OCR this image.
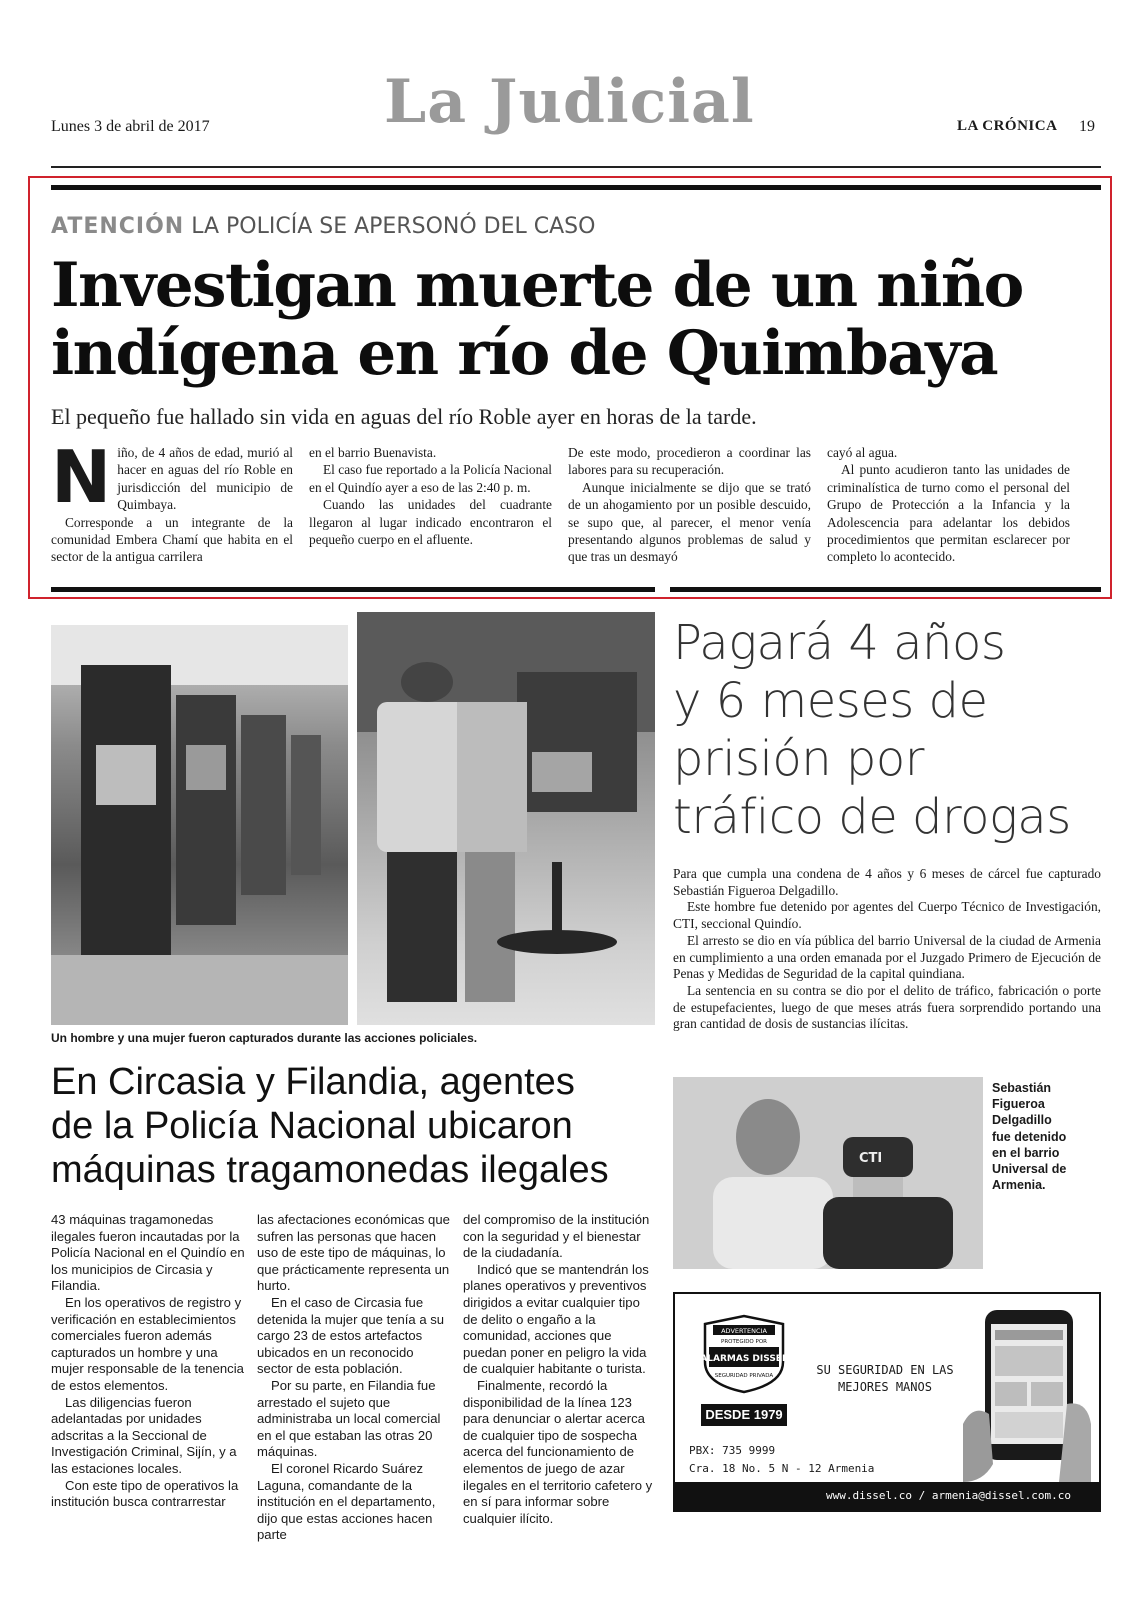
Lunes 3 de abril de 2017	La Judicial	LA CRÓNICA 19
ATENCIÓN LA POLICÍA SE APERSONÓ DEL CASO
Investigan muerte de un niño
indígena en río de Quimbaya
El pequeño fue hallado sin vida en aguas del río Roble ayer en horas de la tarde.
N iño, de 4 años de edad, murió al hacer en aguas del río Roble en jurisdicción del municipio de Quimbaya.

Corresponde a un integrante de la comunidad Embera Chamí que habita en el sector de la antigua carrilera

en el barrio Buenavista.

El caso fue reportado a la Policía Nacional en el Quindío ayer a eso de las 2:40 p. m.

Cuando las unidades del cuadrante llegaron al lugar indicado encontraron el pequeño cuerpo en el afluente.

De este modo, procedieron a coordinar las labores para su recuperación.

Aunque inicialmente se dijo que se trató de un ahogamiento por un posible descuido, se supo que, al parecer, el menor venía presentando algunos problemas de salud y que tras un desmayó

cayó al agua.

Al punto acudieron tanto las unidades de criminalística de turno como el personal del Grupo de Protección a la Infancia y la Adolescencia para adelantar los debidos procedimientos que permitan esclarecer por completo lo acontecido.

Un hombre y una mujer fueron capturados durante las acciones policiales.
En Circasia y Filandia, agentes
de la Policía Nacional ubicaron
máquinas tragamonedas ilegales

43 máquinas tragamonedas ilegales fueron incautadas por la Policía Nacional en el Quindío en los municipios de Circasia y Filandia.

En los operativos de registro y verificación en establecimientos comerciales fueron además capturados un hombre y una mujer responsable de la tenencia de estos elementos.

Las diligencias fueron adelantadas por unidades adscritas a la Seccional de Investigación Criminal, Sijín, y a las estaciones locales.

Con este tipo de operativos la institución busca contrarrestar

las afectaciones económicas que sufren las personas que hacen uso de este tipo de máquinas, lo que prácticamente representa un hurto.

En el caso de Circasia fue detenida la mujer que tenía a su cargo 23 de estos artefactos ubicados en un reconocido sector de esta población.

Por su parte, en Filandia fue arrestado el sujeto que administraba un local comercial en el que estaban las otras 20 máquinas.

El coronel Ricardo Suárez Laguna, comandante de la institución en el departamento, dijo que estas acciones hacen parte

del compromiso de la institución con la seguridad y el bienestar de la ciudadanía.

Indicó que se mantendrán los planes operativos y preventivos dirigidos a evitar cualquier tipo de delito o engaño a la comunidad, acciones que puedan poner en peligro la vida de cualquier habitante o turista.

Finalmente, recordó la disponibilidad de la línea 123 para denunciar o alertar acerca de cualquier tipo de sospecha acerca del funcionamiento de elementos de juego de azar ilegales en el territorio cafetero y en sí para informar sobre cualquier ilícito.

Pagará 4 años
y 6 meses de
prisión por
tráfico de drogas

Para que cumpla una condena de 4 años y 6 meses de cárcel fue capturado Sebastián Figueroa Delgadillo.

Este hombre fue detenido por agentes del Cuerpo Técnico de Investigación, CTI, seccional Quindío.

El arresto se dio en vía pública del barrio Universal de la ciudad de Armenia en cumplimiento a una orden emanada por el Juzgado Primero de Ejecución de Penas y Medidas de Seguridad de la capital quindiana.

La sentencia en su contra se dio por el delito de tráfico, fabricación o porte de estupefacientes, luego de que meses atrás fuera sorprendido portando una gran cantidad de dosis de sustancias ilícitas.

CTI
Sebastián Figueroa Delgadillo fue detenido en el barrio Universal de Armenia.
ADVERTENCIA
PROTEGIDO POR
ALARMAS DISSEL
SEGURIDAD PRIVADA
DESDE 1979
SU SEGURIDAD EN LAS MEJORES MANOS
PBX: 735 9999
Cra. 18 No. 5 N - 12 Armenia
www.dissel.co / armenia@dissel.com.co
